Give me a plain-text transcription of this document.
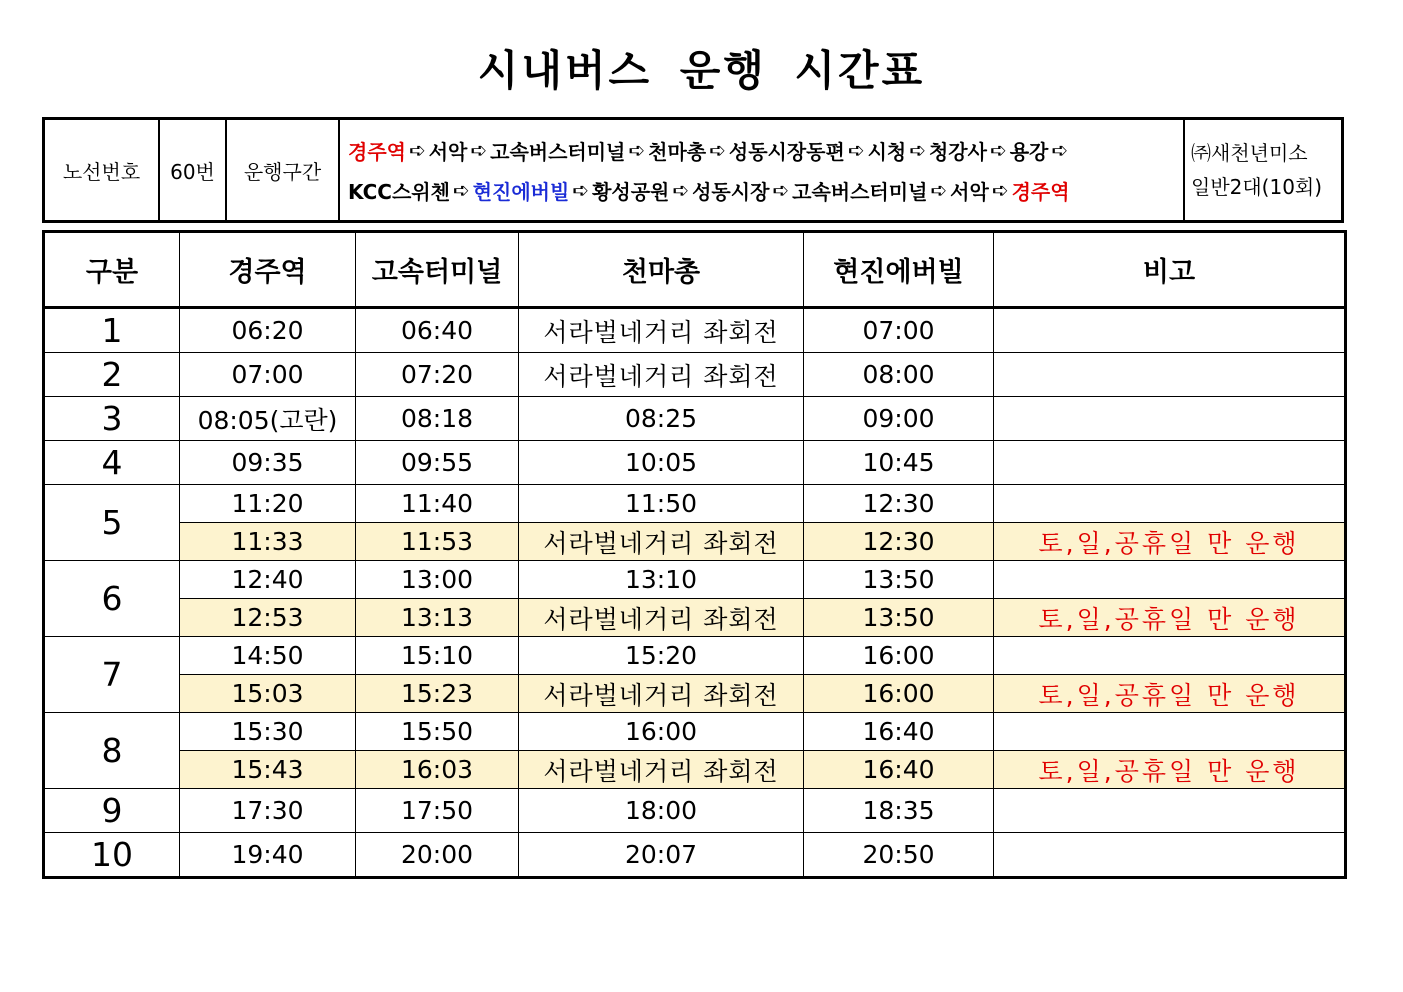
시내버스 운행 시간표
노선번호	60번	운행구간
경주역 ➪ 서악 ➪ 고속버스터미널 ➪ 천마총 ➪ 성동시장동편 ➪ 시청 ➪ 청강사 ➪ 용강 ➪
KCC스위첸 ➪ 현진에버빌 ➪ 황성공원 ➪ 성동시장 ➪ 고속버스터미널 ➪ 서악 ➪ 경주역
㈜새천년미소
일반2대(10회)
구분	경주역	고속터미널	천마총	현진에버빌	비고
1	06:20	06:40	서라벌네거리 좌회전	07:00	
2	07:00	07:20	서라벌네거리 좌회전	08:00	
3	08:05(고란)	08:18	08:25	09:00	
4	09:35	09:55	10:05	10:45	
5	11:20	11:40	11:50	12:30	
	11:33	11:53	서라벌네거리 좌회전	12:30	토,일,공휴일 만 운행
6	12:40	13:00	13:10	13:50	
	12:53	13:13	서라벌네거리 좌회전	13:50	토,일,공휴일 만 운행
7	14:50	15:10	15:20	16:00	
	15:03	15:23	서라벌네거리 좌회전	16:00	토,일,공휴일 만 운행
8	15:30	15:50	16:00	16:40	
	15:43	16:03	서라벌네거리 좌회전	16:40	토,일,공휴일 만 운행
9	17:30	17:50	18:00	18:35	
10	19:40	20:00	20:07	20:50	
